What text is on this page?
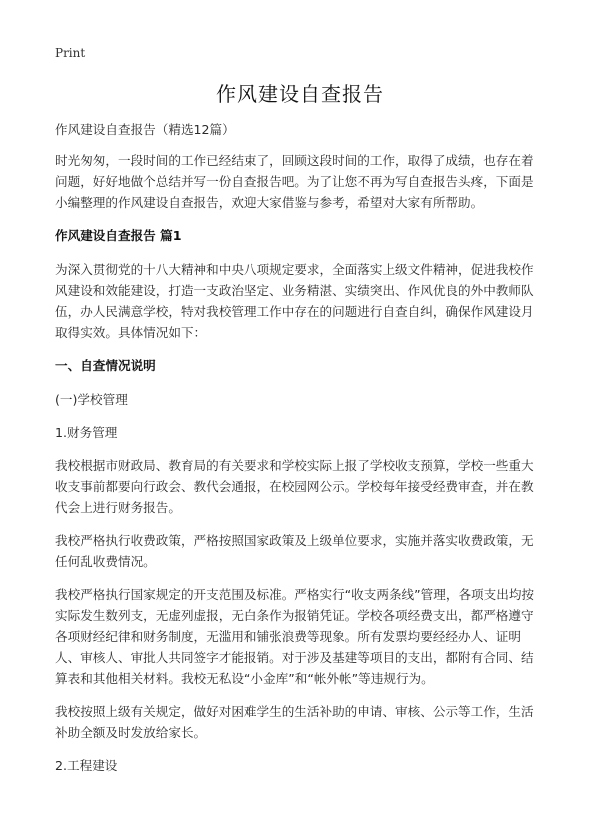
Print
作风建设自查报告

作风建设自查报告（精选12篇）

时光匆匆，一段时间的工作已经结束了，回顾这段时间的工作，取得了成绩，也存在着问题，好好地做个总结并写一份自查报告吧。为了让您不再为写自查报告头疼，下面是小编整理的作风建设自查报告，欢迎大家借鉴与参考，希望对大家有所帮助。

作风建设自查报告 篇1

为深入贯彻党的十八大精神和中央八项规定要求，全面落实上级文件精神，促进我校作风建设和效能建设，打造一支政治坚定、业务精湛、实绩突出、作风优良的外中教师队伍，办人民满意学校，特对我校管理工作中存在的问题进行自查自纠，确保作风建设月取得实效。具体情况如下：

一、自查情况说明

(一)学校管理

1.财务管理

我校根据市财政局、教育局的有关要求和学校实际上报了学校收支预算，学校一些重大收支事前都要向行政会、教代会通报，在校园网公示。学校每年接受经费审查，并在教代会上进行财务报告。

我校严格执行收费政策，严格按照国家政策及上级单位要求，实施并落实收费政策，无任何乱收费情况。

我校严格执行国家规定的开支范围及标准。严格实行“收支两条线”管理，各项支出均按实际发生数列支，无虚列虚报，无白条作为报销凭证。学校各项经费支出，都严格遵守各项财经纪律和财务制度，无滥用和铺张浪费等现象。所有发票均要经经办人、证明人、审核人、审批人共同签字才能报销。对于涉及基建等项目的支出，都附有合同、结算表和其他相关材料。我校无私设“小金库”和“帐外帐”等违规行为。

我校按照上级有关规定，做好对困难学生的生活补助的申请、审核、公示等工作，生活补助全额及时发放给家长。

2.工程建设
